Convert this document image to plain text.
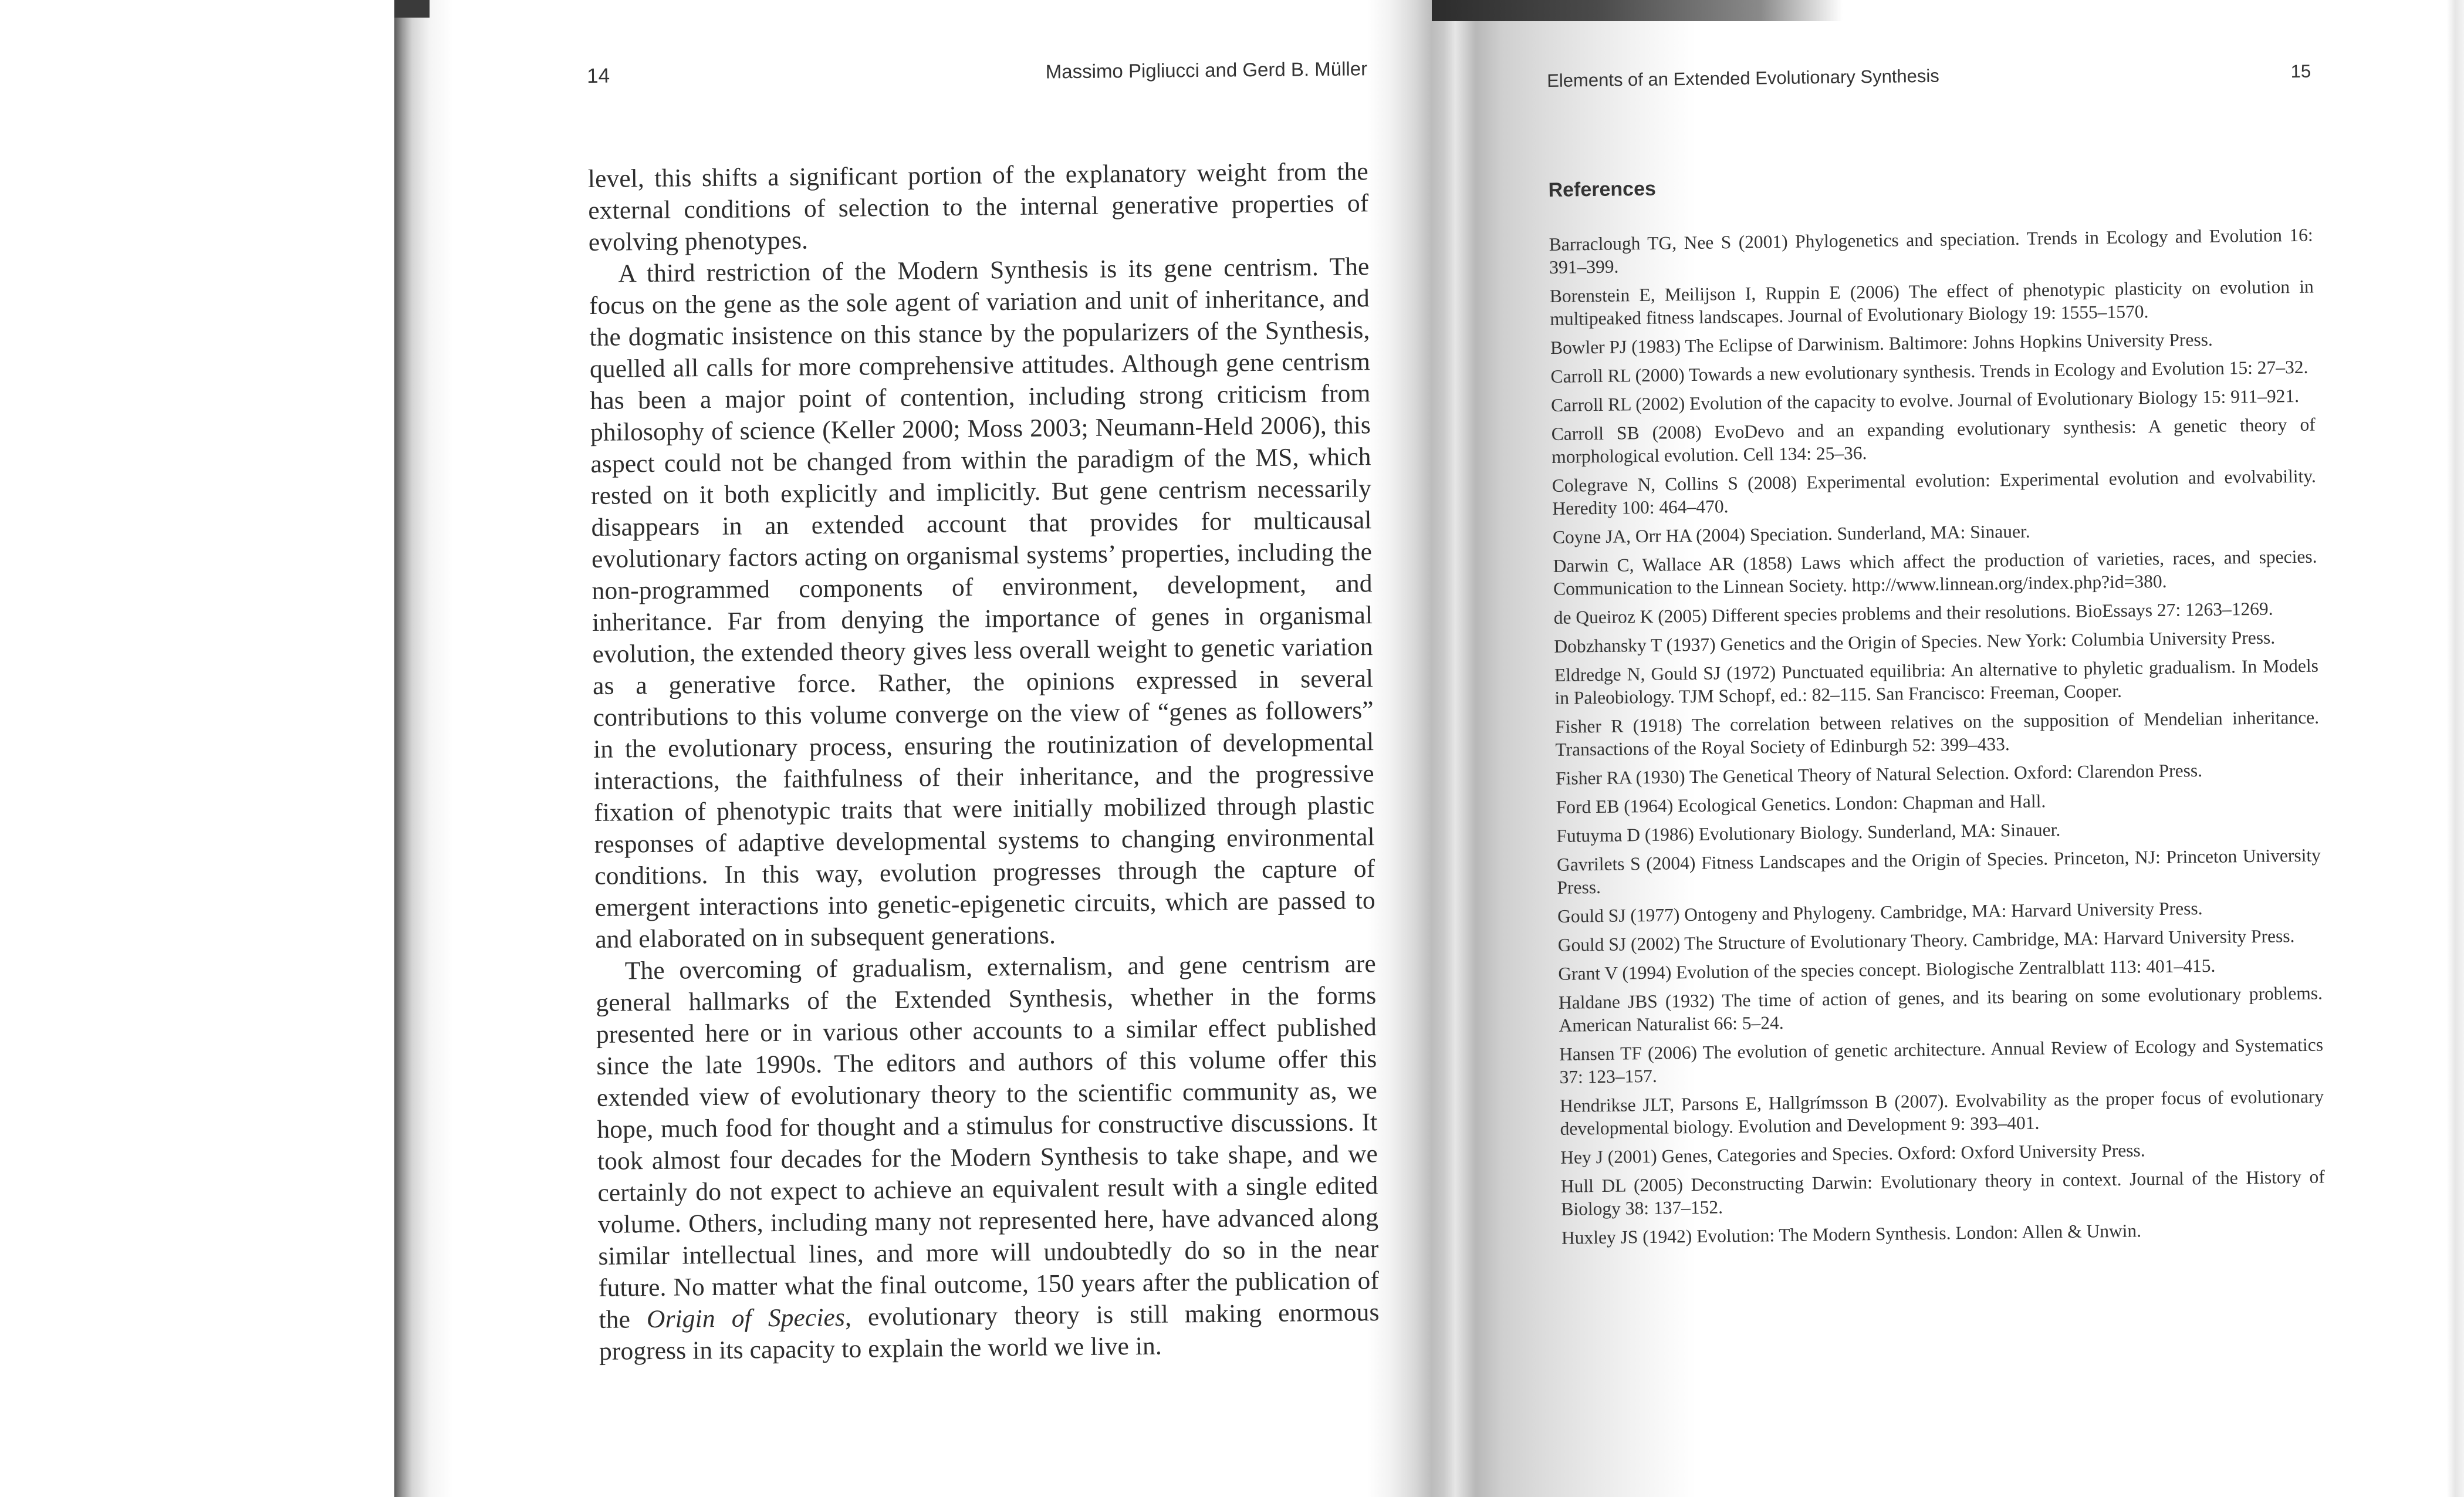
14	Massimo Pigliucci and Gerd B. Müller

level, this shifts a significant portion of the explanatory weight from the external conditions of selection to the internal generative properties of evolving phenotypes.

A third restriction of the Modern Synthesis is its gene centrism. The focus on the gene as the sole agent of variation and unit of inheritance, and the dogmatic insistence on this stance by the popularizers of the Synthesis, quelled all calls for more comprehensive attitudes. Although gene centrism has been a major point of contention, including strong criticism from philosophy of science (Keller 2000; Moss 2003; Neumann-Held 2006), this aspect could not be changed from within the paradigm of the MS, which rested on it both explicitly and implicitly. But gene centrism necessarily disappears in an extended account that provides for multicausal evolutionary factors acting on organismal systems’ properties, including the non-programmed components of environment, development, and inheritance. Far from denying the importance of genes in organismal evolution, the extended theory gives less overall weight to genetic variation as a generative force. Rather, the opinions expressed in several contributions to this volume converge on the view of “genes as followers” in the evolutionary process, ensuring the routinization of developmental interactions, the faithfulness of their inheritance, and the progressive fixation of phenotypic traits that were initially mobilized through plastic responses of adaptive developmental systems to changing environmental conditions. In this way, evolution progresses through the capture of emergent interactions into genetic-epigenetic circuits, which are passed to and elaborated on in subsequent generations.

The overcoming of gradualism, externalism, and gene centrism are general hallmarks of the Extended Synthesis, whether in the forms presented here or in various other accounts to a similar effect published since the late 1990s. The editors and authors of this volume offer this extended view of evolutionary theory to the scientific community as, we hope, much food for thought and a stimulus for constructive discussions. It took almost four decades for the Modern Synthesis to take shape, and we certainly do not expect to achieve an equivalent result with a single edited volume. Others, including many not represented here, have advanced along similar intellectual lines, and more will undoubtedly do so in the near future. No matter what the final outcome, 150 years after the publication of the Origin of Species, evolutionary theory is still making enormous progress in its capacity to explain the world we live in.

Elements of an Extended Evolutionary Synthesis	15
References
Barraclough TG, Nee S (2001) Phylogenetics and speciation. Trends in Ecology and Evolution 16: 391–399.
Borenstein E, Meilijson I, Ruppin E (2006) The effect of phenotypic plasticity on evolution in multipeaked fitness landscapes. Journal of Evolutionary Biology 19: 1555–1570.
Bowler PJ (1983) The Eclipse of Darwinism. Baltimore: Johns Hopkins University Press.
Carroll RL (2000) Towards a new evolutionary synthesis. Trends in Ecology and Evolution 15: 27–32.
Carroll RL (2002) Evolution of the capacity to evolve. Journal of Evolutionary Biology 15: 911–921.
Carroll SB (2008) EvoDevo and an expanding evolutionary synthesis: A genetic theory of morphological evolution. Cell 134: 25–36.
Colegrave N, Collins S (2008) Experimental evolution: Experimental evolution and evolvability. Heredity 100: 464–470.
Coyne JA, Orr HA (2004) Speciation. Sunderland, MA: Sinauer.
Darwin C, Wallace AR (1858) Laws which affect the production of varieties, races, and species. Communication to the Linnean Society. http://www.linnean.org/index.php?id=380.
de Queiroz K (2005) Different species problems and their resolutions. BioEssays 27: 1263–1269.
Dobzhansky T (1937) Genetics and the Origin of Species. New York: Columbia University Press.
Eldredge N, Gould SJ (1972) Punctuated equilibria: An alternative to phyletic gradualism. In Models in Paleobiology. TJM Schopf, ed.: 82–115. San Francisco: Freeman, Cooper.
Fisher R (1918) The correlation between relatives on the supposition of Mendelian inheritance. Transactions of the Royal Society of Edinburgh 52: 399–433.
Fisher RA (1930) The Genetical Theory of Natural Selection. Oxford: Clarendon Press.
Ford EB (1964) Ecological Genetics. London: Chapman and Hall.
Futuyma D (1986) Evolutionary Biology. Sunderland, MA: Sinauer.
Gavrilets S (2004) Fitness Landscapes and the Origin of Species. Princeton, NJ: Princeton University Press.
Gould SJ (1977) Ontogeny and Phylogeny. Cambridge, MA: Harvard University Press.
Gould SJ (2002) The Structure of Evolutionary Theory. Cambridge, MA: Harvard University Press.
Grant V (1994) Evolution of the species concept. Biologische Zentralblatt 113: 401–415.
Haldane JBS (1932) The time of action of genes, and its bearing on some evolutionary problems. American Naturalist 66: 5–24.
Hansen TF (2006) The evolution of genetic architecture. Annual Review of Ecology and Systematics 37: 123–157.
Hendrikse JLT, Parsons E, Hallgrímsson B (2007). Evolvability as the proper focus of evolutionary developmental biology. Evolution and Development 9: 393–401.
Hey J (2001) Genes, Categories and Species. Oxford: Oxford University Press.
Hull DL (2005) Deconstructing Darwin: Evolutionary theory in context. Journal of the History of Biology 38: 137–152.
Huxley JS (1942) Evolution: The Modern Synthesis. London: Allen & Unwin.
